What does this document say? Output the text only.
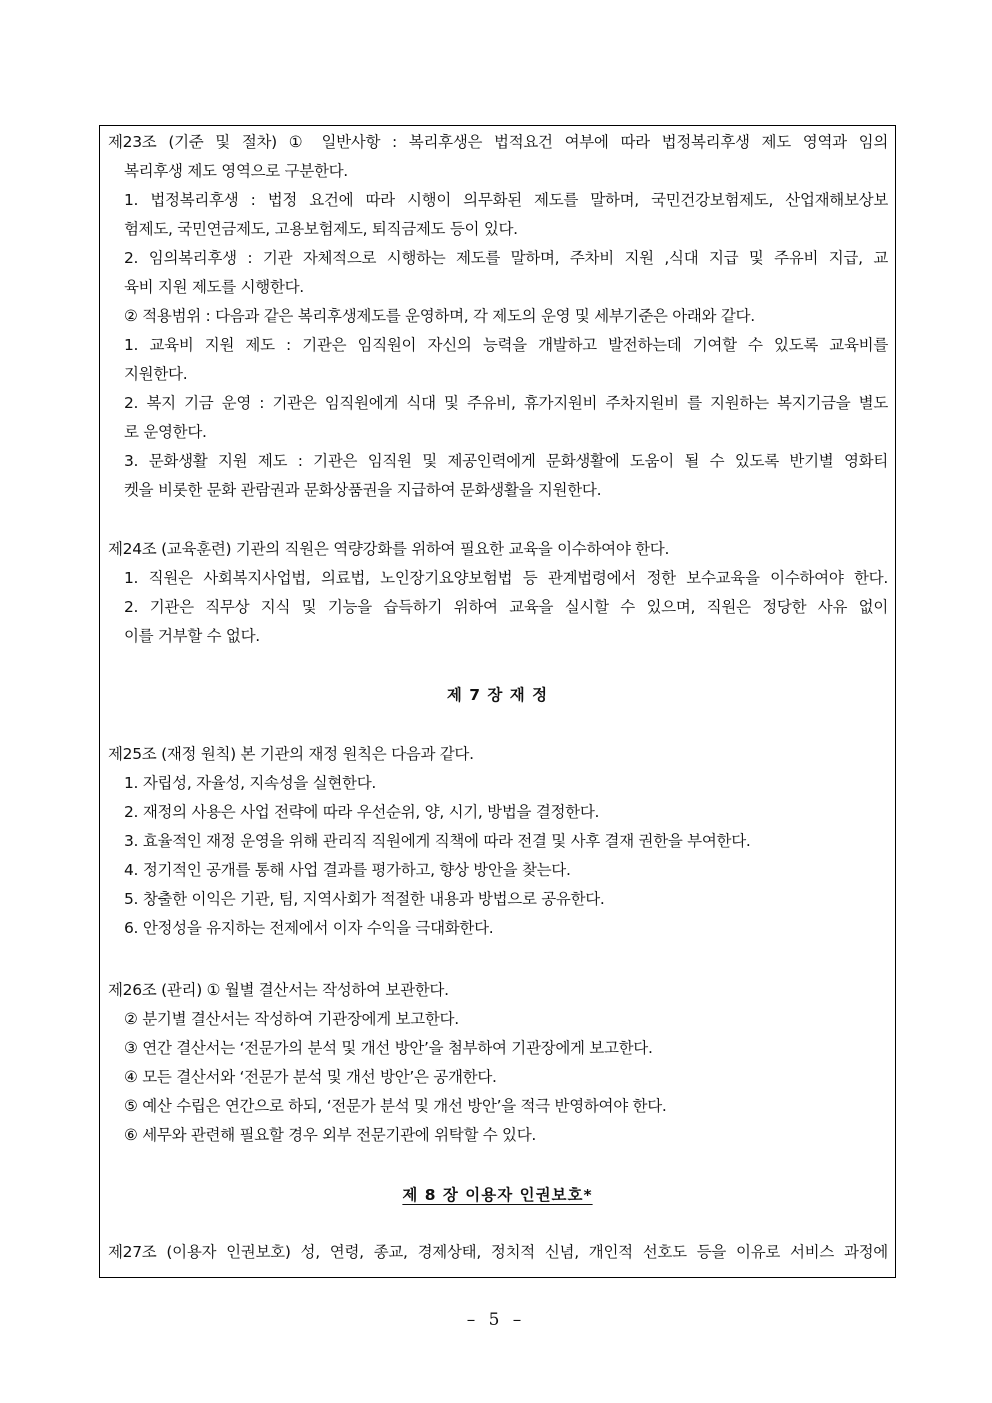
제23조 (기준 및 절차) ① 일반사항 : 복리후생은 법적요건 여부에 따라 법정복리후생 제도 영역과 임의
복리후생 제도 영역으로 구분한다.
1. 법정복리후생 : 법정 요건에 따라 시행이 의무화된 제도를 말하며, 국민건강보험제도, 산업재해보상보
험제도, 국민연금제도, 고용보험제도, 퇴직금제도 등이 있다.
2. 임의복리후생 : 기관 자체적으로 시행하는 제도를 말하며, 주차비 지원 ,식대 지급 및 주유비 지급, 교
육비 지원 제도를 시행한다.
② 적용범위 : 다음과 같은 복리후생제도를 운영하며, 각 제도의 운영 및 세부기준은 아래와 같다.
1. 교육비 지원 제도 : 기관은 임직원이 자신의 능력을 개발하고 발전하는데 기여할 수 있도록 교육비를
지원한다.
2. 복지 기금 운영 : 기관은 임직원에게 식대 및 주유비, 휴가지원비 주차지원비 를 지원하는 복지기금을 별도
로 운영한다.
3. 문화생활 지원 제도 : 기관은 임직원 및 제공인력에게 문화생활에 도움이 될 수 있도록 반기별 영화티
켓을 비롯한 문화 관람권과 문화상품권을 지급하여 문화생활을 지원한다.
제24조 (교육훈련) 기관의 직원은 역량강화를 위하여 필요한 교육을 이수하여야 한다.
1. 직원은 사회복지사업법, 의료법, 노인장기요양보험법 등 관계법령에서 정한 보수교육을 이수하여야 한다.
2. 기관은 직무상 지식 및 기능을 습득하기 위하여 교육을 실시할 수 있으며, 직원은 정당한 사유 없이
이를 거부할 수 없다.
제 7 장 재 정
제25조 (재정 원칙) 본 기관의 재정 원칙은 다음과 같다.
1. 자립성, 자율성, 지속성을 실현한다.
2. 재정의 사용은 사업 전략에 따라 우선순위, 양, 시기, 방법을 결정한다.
3. 효율적인 재정 운영을 위해 관리직 직원에게 직책에 따라 전결 및 사후 결재 권한을 부여한다.
4. 정기적인 공개를 통해 사업 결과를 평가하고, 향상 방안을 찾는다.
5. 창출한 이익은 기관, 팀, 지역사회가 적절한 내용과 방법으로 공유한다.
6. 안정성을 유지하는 전제에서 이자 수익을 극대화한다.
제26조 (관리) ① 월별 결산서는 작성하여 보관한다.
② 분기별 결산서는 작성하여 기관장에게 보고한다.
③ 연간 결산서는 ‘전문가의 분석 및 개선 방안’을 첨부하여 기관장에게 보고한다.
④ 모든 결산서와 ‘전문가 분석 및 개선 방안’은 공개한다.
⑤ 예산 수립은 연간으로 하되, ‘전문가 분석 및 개선 방안’을 적극 반영하여야 한다.
⑥ 세무와 관련해 필요할 경우 외부 전문기관에 위탁할 수 있다.
제 8 장 이용자 인권보호*
제27조 (이용자 인권보호) 성, 연령, 종교, 경제상태, 정치적 신념, 개인적 선호도 등을 이유로 서비스 과정에
– 5 –
